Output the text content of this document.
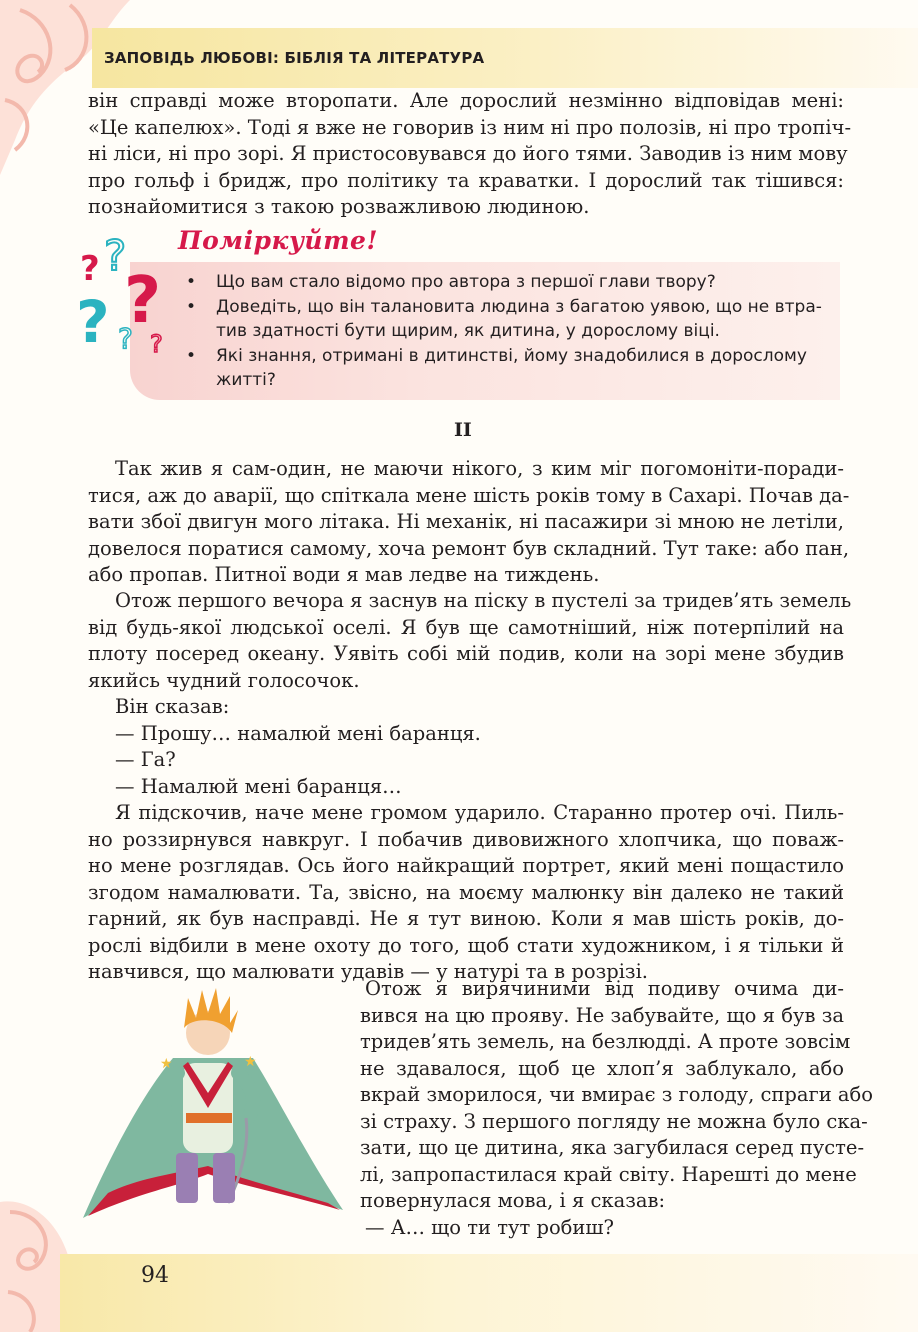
ЗАПОВІДЬ ЛЮБОВІ: БІБЛІЯ ТА ЛІТЕРАТУРА

він справді може второпати. Але дорослий незмінно відповідав мені:
«Це капелюх». Тоді я вже не говорив із ним ні про полозів, ні про тропіч-
ні ліси, ні про зорі. Я пристосовувався до його тями. Заводив із ним мову
про гольф і бридж, про політику та краватки. І дорослий так тішився:
познайомитися з такою розважливою людиною.

? ?
?
? ? ?
Поміркуйте!
• Що вам стало відомо про автора з першої глави твору?
• Доведіть, що він талановита людина з багатою уявою, що не втра-тив здатності бути щирим, як дитина, у дорослому віці.
• Які знання, отримані в дитинстві, йому знадобилися в дорослому житті?
II

Так жив я сам-один, не маючи нікого, з ким міг погомоніти-поради-
тися, аж до аварії, що спіткала мене шість років тому в Сахарі. Почав да-
вати збої двигун мого літака. Ні механік, ні пасажири зі мною не летіли,
довелося поратися самому, хоча ремонт був складний. Тут таке: або пан,
або пропав. Питної води я мав ледве на тиждень.

Отож першого вечора я заснув на піску в пустелі за тридев’ять земель
від будь-якої людської оселі. Я був ще самотніший, ніж потерпілий на
плоту посеред океану. Уявіть собі мій подив, коли на зорі мене збудив
якийсь чудний голосочок.

Він сказав:
— Прошу… намалюй мені баранця.
— Га?
— Намалюй мені баранця…

Я підскочив, наче мене громом ударило. Старанно протер очі. Пиль-
но роззирнувся навкруг. І побачив дивовижного хлопчика, що поваж-
но мене розглядав. Ось його найкращий портрет, який мені пощастило
згодом намалювати. Та, звісно, на моєму малюнку він далеко не такий
гарний, як був насправді. Не я тут виною. Коли я мав шість років, до-
рослі відбили в мене охоту до того, щоб стати художником, і я тільки й
навчився, що малювати удавів — у натурі та в розрізі.

★	★

Отож я вирячиними від подиву очима ди-
вився на цю прояву. Не забувайте, що я був за
тридев’ять земель, на безлюдді. А проте зовсім
не здавалося, щоб це хлоп’я заблукало, або
вкрай зморилося, чи вмирає з голоду, спраги або
зі страху. З першого погляду не можна було ска-
зати, що це дитина, яка загубилася серед пусте-
лі, запропастилася край світу. Нарешті до мене
повернулася мова, і я сказав:
— А… що ти тут робиш?

94
